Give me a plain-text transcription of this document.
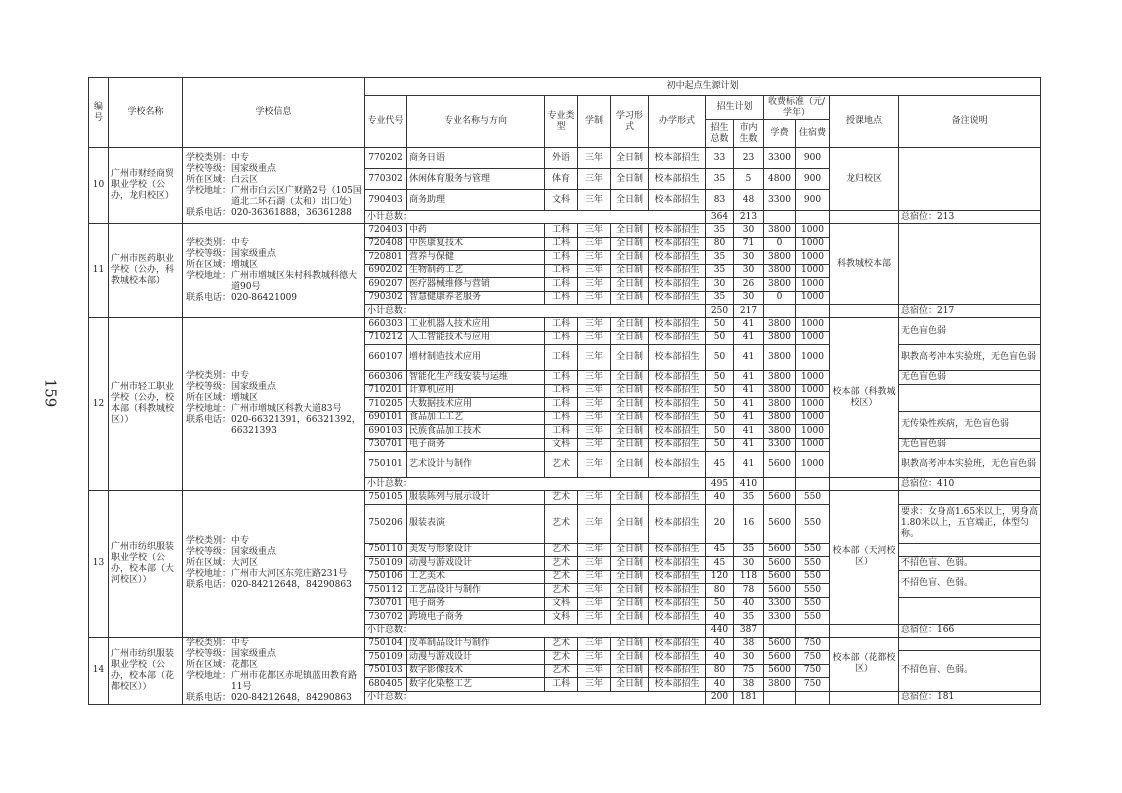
159
编号	学校名称	学校信息	初中起点生源计划											
			专业代号	专业名称与方向	专业类型	学制	学习形式	办学形式	招生计划		收费标准（元/学年）		授课地点	备注说明
									招生总数	市内生数	学费	住宿费		
10	广州市财经商贸职业学校（公办，龙归校区）	学校类别：中专
学校等级：国家级重点
所在区域：白云区
学校地址：广州市白云区广财路2号（105国道北二环石湖（太和）出口处）
联系电话：020-36361888，36361288	770202	商务日语	外语	三年	全日制	校本部招生	33	23	3300	900	龙归校区	
			770302	休闲体育服务与管理	体育	三年	全日制	校本部招生	35	5	4800	900		
			790403	商务助理	文科	三年	全日制	校本部招生	83	48	3300	900		
			小计总数：						364	213				总宿位：213
11	广州市医药职业学校（公办，科教城校本部）	学校类别：中专
学校等级：国家级重点
所在区域：增城区
学校地址：广州市增城区朱村科教城科德大道90号
联系电话：020-86421009	720403	中药	工科	三年	全日制	校本部招生	35	30	3800	1000	科教城校本部	
			720408	中医康复技术	工科	三年	全日制	校本部招生	80	71	0	1000		
			720801	营养与保健	工科	三年	全日制	校本部招生	35	30	3800	1000		
			690202	生物制药工艺	工科	三年	全日制	校本部招生	35	30	3800	1000		
			690207	医疗器械维修与营销	工科	三年	全日制	校本部招生	30	26	3800	1000		
			790302	智慧健康养老服务	工科	三年	全日制	校本部招生	35	30	0	1000		
			小计总数：						250	217				总宿位：217
12	广州市轻工职业学校（公办，校本部（科教城校区））	学校类别：中专
学校等级：国家级重点
所在区域：增城区
学校地址：广州市增城区科教大道83号
联系电话：020-66321391，66321392，66321393	660303	工业机器人技术应用	工科	三年	全日制	校本部招生	50	41	3800	1000	校本部（科教城校区）	无色盲色弱
			710212	人工智能技术与应用	工科	三年	全日制	校本部招生	50	41	3800	1000		
			660107	增材制造技术应用	工科	三年	全日制	校本部招生	50	41	3800	1000		职教高考冲本实验班，无色盲色弱
			660306	智能化生产线安装与运维	工科	三年	全日制	校本部招生	50	41	3800	1000		无色盲色弱
			710201	计算机应用	工科	三年	全日制	校本部招生	50	41	3800	1000		
			710205	大数据技术应用	工科	三年	全日制	校本部招生	50	41	3800	1000		
			690101	食品加工工艺	工科	三年	全日制	校本部招生	50	41	3800	1000		无传染性疾病，无色盲色弱
			690103	民族食品加工技术	工科	三年	全日制	校本部招生	50	41	3800	1000		
			730701	电子商务	文科	三年	全日制	校本部招生	50	41	3300	1000		无色盲色弱
			750101	艺术设计与制作	艺术	三年	全日制	校本部招生	45	41	5600	1000		职教高考冲本实验班，无色盲色弱
			小计总数：						495	410				总宿位：410
13	广州市纺织服装职业学校（公办，校本部（大河校区））	学校类别：中专
学校等级：国家级重点
所在区域：大河区
学校地址：广州市大河区东莞庄路231号
联系电话：020-84212648，84290863	750105	服装陈列与展示设计	艺术	三年	全日制	校本部招生	40	35	5600	550	校本部（天河校区）	
			750206	服装表演	艺术	三年	全日制	校本部招生	20	16	5600	550		要求：女身高1.65米以上，男身高1.80米以上，五官端正，体型匀称。
			750110	美发与形象设计	艺术	三年	全日制	校本部招生	45	35	5600	550		
			750109	动漫与游戏设计	艺术	三年	全日制	校本部招生	45	30	5600	550		不招色盲、色弱。
			750106	工艺美术	艺术	三年	全日制	校本部招生	120	118	5600	550		不招色盲、色弱。
			750112	工艺品设计与制作	艺术	三年	全日制	校本部招生	80	78	5600	550		
			730701	电子商务	文科	三年	全日制	校本部招生	50	40	3300	550		
			730702	跨境电子商务	文科	三年	全日制	校本部招生	40	35	3300	550		
			小计总数：						440	387				总宿位：166
14	广州市纺织服装职业学校（公办，校本部（花都校区））	学校类别：中专
学校等级：国家级重点
所在区域：花都区
学校地址：广州市花都区赤坭镇蓝田教育路11号
联系电话：020-84212648，84290863	750104	皮革制品设计与制作	艺术	三年	全日制	校本部招生	40	38	5600	750	校本部（花都校区）	
			750109	动漫与游戏设计	艺术	三年	全日制	校本部招生	40	30	5600	750		不招色盲、色弱。
			750103	数字影像技术	艺术	三年	全日制	校本部招生	80	75	5600	750		
			680405	数字化染整工艺	工科	三年	全日制	校本部招生	40	38	3800	750		
			小计总数：						200	181				总宿位：181
